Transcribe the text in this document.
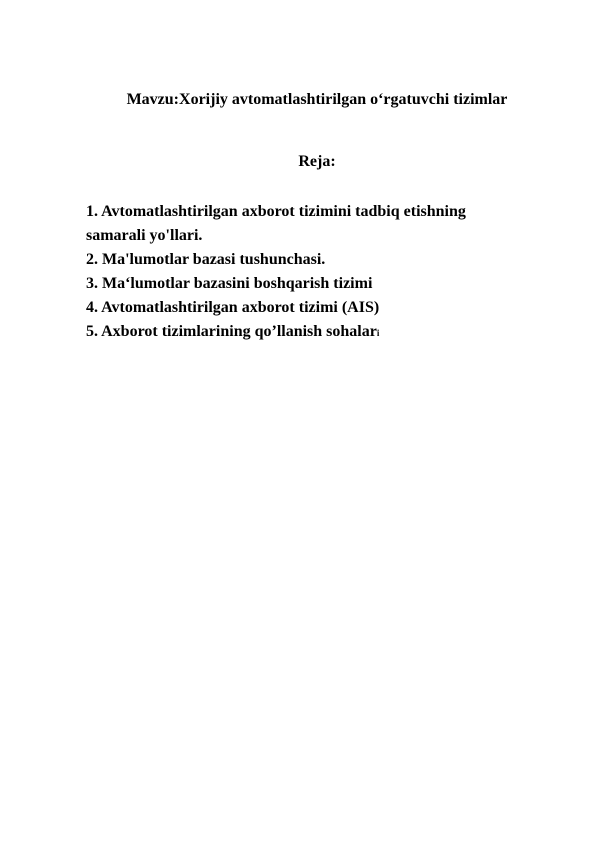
Mavzu:Xorijiy avtomatlashtirilgan o‘rgatuvchi tizimlar
Reja:
1. Avtomatlashtirilgan axborot tizimini tadbiq etishning
samarali yo'llari.
2. Ma'lumotlar bazasi tushunchasi.
3. Ma‘lumotlar bazasini boshqarish tizimi
4. Avtomatlashtirilgan axborot tizimi (AIS)
5. Axborot tizimlarining qo’llanish sohalari
